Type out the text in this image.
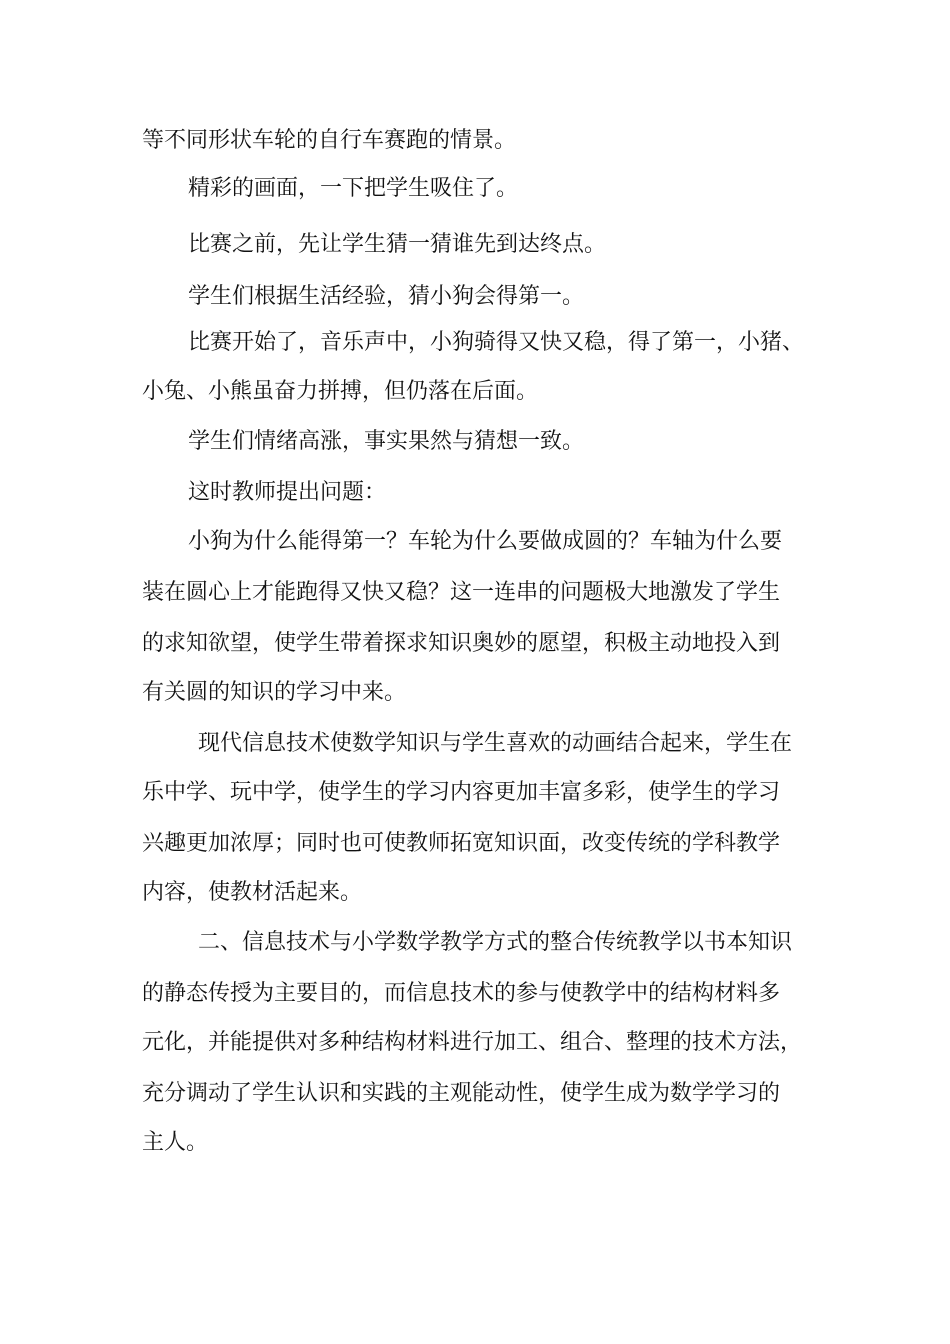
等不同形状车轮的自行车赛跑的情景。
精彩的画面，一下把学生吸住了。
比赛之前，先让学生猜一猜谁先到达终点。
学生们根据生活经验，猜小狗会得第一。
比赛开始了，音乐声中，小狗骑得又快又稳，得了第一，小猪、
小兔、小熊虽奋力拼搏，但仍落在后面。
学生们情绪高涨，事实果然与猜想一致。
这时教师提出问题：
小狗为什么能得第一？车轮为什么要做成圆的？车轴为什么要
装在圆心上才能跑得又快又稳？这一连串的问题极大地激发了学生
的求知欲望，使学生带着探求知识奥妙的愿望，积极主动地投入到
有关圆的知识的学习中来。
现代信息技术使数学知识与学生喜欢的动画结合起来，学生在
乐中学、玩中学，使学生的学习内容更加丰富多彩，使学生的学习
兴趣更加浓厚；同时也可使教师拓宽知识面，改变传统的学科教学
内容，使教材活起来。
二、信息技术与小学数学教学方式的整合传统教学以书本知识
的静态传授为主要目的，而信息技术的参与使教学中的结构材料多
元化，并能提供对多种结构材料进行加工、组合、整理的技术方法，
充分调动了学生认识和实践的主观能动性，使学生成为数学学习的
主人。
